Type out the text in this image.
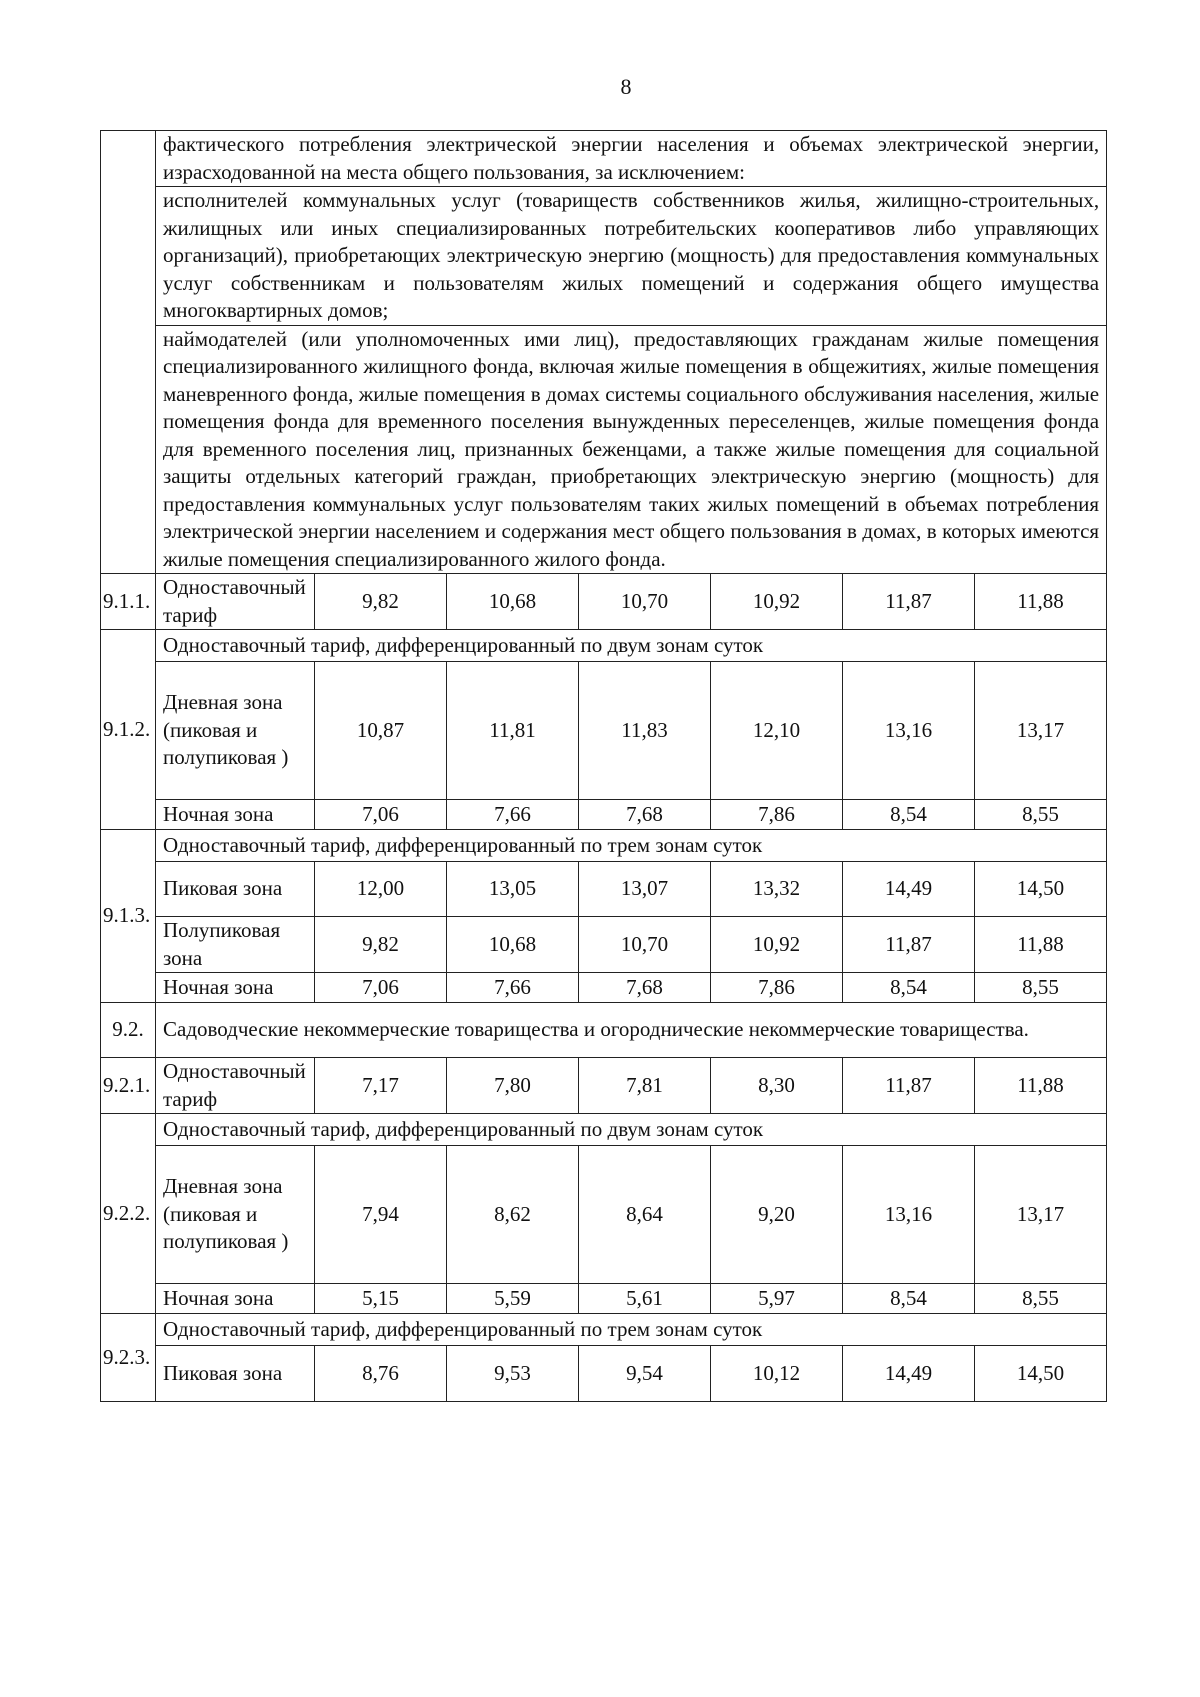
8
	фактического потребления электрической энергии населения и объемах электрической энергии, израсходованной на места общего пользования, за исключением:						
	исполнителей коммунальных услуг (товариществ собственников жилья, жилищно-строительных, жилищных или иных специализированных потребительских кооперативов либо управляющих организаций), приобретающих электрическую энергию (мощность) для предоставления коммунальных услуг собственникам и пользователям жилых помещений и содержания общего имущества многоквартирных домов;						
	наймодателей (или уполномоченных ими лиц), предоставляющих гражданам жилые помещения специализированного жилищного фонда, включая жилые помещения в общежитиях, жилые помещения маневренного фонда, жилые помещения в домах системы социального обслуживания населения, жилые помещения фонда для временного поселения вынужденных переселенцев, жилые помещения фонда для временного поселения лиц, признанных беженцами, а также жилые помещения для социальной защиты отдельных категорий граждан, приобретающих электрическую энергию (мощность) для предоставления коммунальных услуг пользователям таких жилых помещений в объемах потребления электрической энергии населением и содержания мест общего пользования в домах, в которых имеются жилые помещения специализированного жилого фонда.						
9.1.1.	Одноставочный тариф	9,82	10,68	10,70	10,92	11,87	11,88
9.1.2.	Одноставочный тариф, дифференцированный по двум зонам суток						
	Дневная зона (пиковая и полупиковая )	10,87	11,81	11,83	12,10	13,16	13,17
	Ночная зона	7,06	7,66	7,68	7,86	8,54	8,55
9.1.3.	Одноставочный тариф, дифференцированный по трем зонам суток						
	Пиковая зона	12,00	13,05	13,07	13,32	14,49	14,50
	Полупиковая зона	9,82	10,68	10,70	10,92	11,87	11,88
	Ночная зона	7,06	7,66	7,68	7,86	8,54	8,55
9.2.	Садоводческие некоммерческие товарищества и огороднические некоммерческие товарищества.						
9.2.1.	Одноставочный тариф	7,17	7,80	7,81	8,30	11,87	11,88
9.2.2.	Одноставочный тариф, дифференцированный по двум зонам суток						
	Дневная зона (пиковая и полупиковая )	7,94	8,62	8,64	9,20	13,16	13,17
	Ночная зона	5,15	5,59	5,61	5,97	8,54	8,55
9.2.3.	Одноставочный тариф, дифференцированный по трем зонам суток						
	Пиковая зона	8,76	9,53	9,54	10,12	14,49	14,50
